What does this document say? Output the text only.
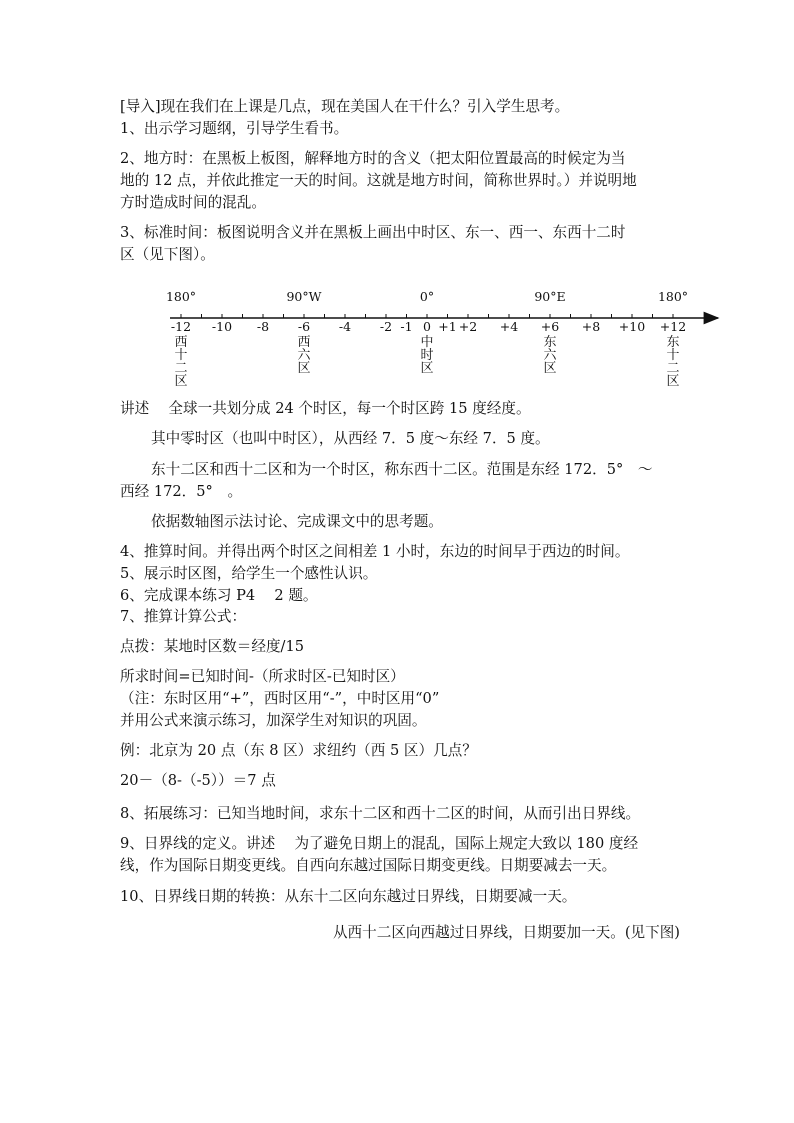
[导入]现在我们在上课是几点，现在美国人在干什么？引入学生思考。
1、出示学习题纲，引导学生看书。
2、地方时：在黑板上板图，解释地方时的含义（把太阳位置最高的时候定为当
地的 12 点，并依此推定一天的时间。这就是地方时间，简称世界时。）并说明地
方时造成时间的混乱。
3、标准时间：板图说明含义并在黑板上画出中时区、东一、西一、东西十二时
区（见下图）。
180°	90°W	0°	90°E	180°
-12 -10 -8 -6 -4 -2 -1 0 +1 +2 +4 +6 +8 +10 +12
西十二区
西六区
中时区
东六区
东十二区
讲述　 全球一共划分成 24 个时区，每一个时区跨 15 度经度。
其中零时区（也叫中时区），从西经 7．5 度～东经 7．5 度。
东十二区和西十二区和为一个时区，称东西十二区。范围是东经 172．5°　～
西经 172．5°　。
依据数轴图示法讨论、完成课文中的思考题。
4、推算时间。并得出两个时区之间相差 1 小时，东边的时间早于西边的时间。
5、展示时区图，给学生一个感性认识。
6、完成课本练习 P4　 2 题。
7、推算计算公式：
点拨：某地时区数＝经度/15
所求时间=已知时间-（所求时区-已知时区）
（注：东时区用“+”，西时区用“-”，中时区用“0”
并用公式来演示练习，加深学生对知识的巩固。
例：北京为 20 点（东 8 区）求纽约（西 5 区）几点？
20－（8-（-5））＝7 点
8、拓展练习：已知当地时间，求东十二区和西十二区的时间，从而引出日界线。
9、日界线的定义。讲述　 为了避免日期上的混乱，国际上规定大致以 180 度经
线，作为国际日期变更线。自西向东越过国际日期变更线。日期要减去一天。
10、日界线日期的转换：从东十二区向东越过日界线，日期要减一天。
从西十二区向西越过日界线，日期要加一天。(见下图)
